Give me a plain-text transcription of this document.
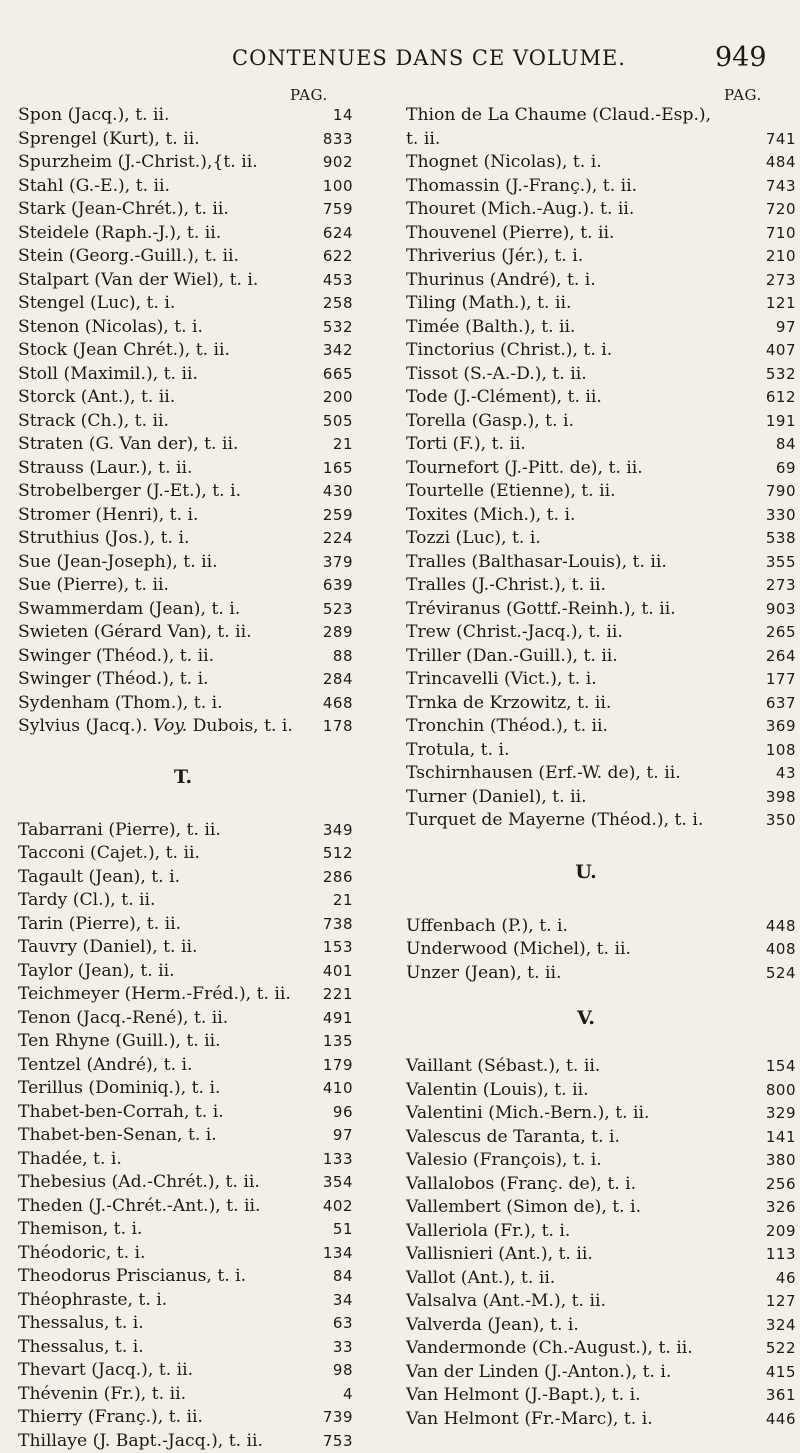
CONTENUES DANS CE VOLUME.	949
PAG.	PAG.
Spon (Jacq.), t. ii.	14
Sprengel (Kurt), t. ii.	833
Spurzheim (J.-Christ.),{t. ii.	902
Stahl (G.-E.), t. ii.	100
Stark (Jean-Chrét.), t. ii.	759
Steidele (Raph.-J.), t. ii.	624
Stein (Georg.-Guill.), t. ii.	622
Stalpart (Van der Wiel), t. i.	453
Stengel (Luc), t. i.	258
Stenon (Nicolas), t. i.	532
Stock (Jean Chrét.), t. ii.	342
Stoll (Maximil.), t. ii.	665
Storck (Ant.), t. ii.	200
Strack (Ch.), t. ii.	505
Straten (G. Van der), t. ii.	21
Strauss (Laur.), t. ii.	165
Strobelberger (J.-Et.), t. i.	430
Stromer (Henri), t. i.	259
Struthius (Jos.), t. i.	224
Sue (Jean-Joseph), t. ii.	379
Sue (Pierre), t. ii.	639
Swammerdam (Jean), t. i.	523
Swieten (Gérard Van), t. ii.	289
Swinger (Théod.), t. ii.	88
Swinger (Théod.), t. i.	284
Sydenham (Thom.), t. i.	468
Sylvius (Jacq.). Voy. Dubois, t. i.	178
T.
Tabarrani (Pierre), t. ii.	349
Tacconi (Cajet.), t. ii.	512
Tagault (Jean), t. i.	286
Tardy (Cl.), t. ii.	21
Tarin (Pierre), t. ii.	738
Tauvry (Daniel), t. ii.	153
Taylor (Jean), t. ii.	401
Teichmeyer (Herm.-Fréd.), t. ii.	221
Tenon (Jacq.-René), t. ii.	491
Ten Rhyne (Guill.), t. ii.	135
Tentzel (André), t. i.	179
Terillus (Dominiq.), t. i.	410
Thabet-ben-Corrah, t. i.	96
Thabet-ben-Senan, t. i.	97
Thadée, t. i.	133
Thebesius (Ad.-Chrét.), t. ii.	354
Theden (J.-Chrét.-Ant.), t. ii.	402
Themison, t. i.	51
Théodoric, t. i.	134
Theodorus Priscianus, t. i.	84
Théophraste, t. i.	34
Thessalus, t. i.	63
Thessalus, t. i.	33
Thevart (Jacq.), t. ii.	98
Thévenin (Fr.), t. ii.	4
Thierry (Franç.), t. ii.	739
Thillaye (J. Bapt.-Jacq.), t. ii.	753
Thion de La Chaume (Claud.-Esp.),
t. ii.	741
Thognet (Nicolas), t. i.	484
Thomassin (J.-Franç.), t. ii.	743
Thouret (Mich.-Aug.). t. ii.	720
Thouvenel (Pierre), t. ii.	710
Thriverius (Jér.), t. i.	210
Thurinus (André), t. i.	273
Tiling (Math.), t. ii.	121
Timée (Balth.), t. ii.	97
Tinctorius (Christ.), t. i.	407
Tissot (S.-A.-D.), t. ii.	532
Tode (J.-Clément), t. ii.	612
Torella (Gasp.), t. i.	191
Torti (F.), t. ii.	84
Tournefort (J.-Pitt. de), t. ii.	69
Tourtelle (Etienne), t. ii.	790
Toxites (Mich.), t. i.	330
Tozzi (Luc), t. i.	538
Tralles (Balthasar-Louis), t. ii.	355
Tralles (J.-Christ.), t. ii.	273
Tréviranus (Gottf.-Reinh.), t. ii.	903
Trew (Christ.-Jacq.), t. ii.	265
Triller (Dan.-Guill.), t. ii.	264
Trincavelli (Vict.), t. i.	177
Trnka de Krzowitz, t. ii.	637
Tronchin (Théod.), t. ii.	369
Trotula, t. i.	108
Tschirnhausen (Erf.-W. de), t. ii.	43
Turner (Daniel), t. ii.	398
Turquet de Mayerne (Théod.), t. i.	350
U.
Uffenbach (P.), t. i.	448
Underwood (Michel), t. ii.	408
Unzer (Jean), t. ii.	524
V.
Vaillant (Sébast.), t. ii.	154
Valentin (Louis), t. ii.	800
Valentini (Mich.-Bern.), t. ii.	329
Valescus de Taranta, t. i.	141
Valesio (François), t. i.	380
Vallalobos (Franç. de), t. i.	256
Vallembert (Simon de), t. i.	326
Valleriola (Fr.), t. i.	209
Vallisnieri (Ant.), t. ii.	113
Vallot (Ant.), t. ii.	46
Valsalva (Ant.-M.), t. ii.	127
Valverda (Jean), t. i.	324
Vandermonde (Ch.-August.), t. ii.	522
Van der Linden (J.-Anton.), t. i.	415
Van Helmont (J.-Bapt.), t. i.	361
Van Helmont (Fr.-Marc), t. i.	446
